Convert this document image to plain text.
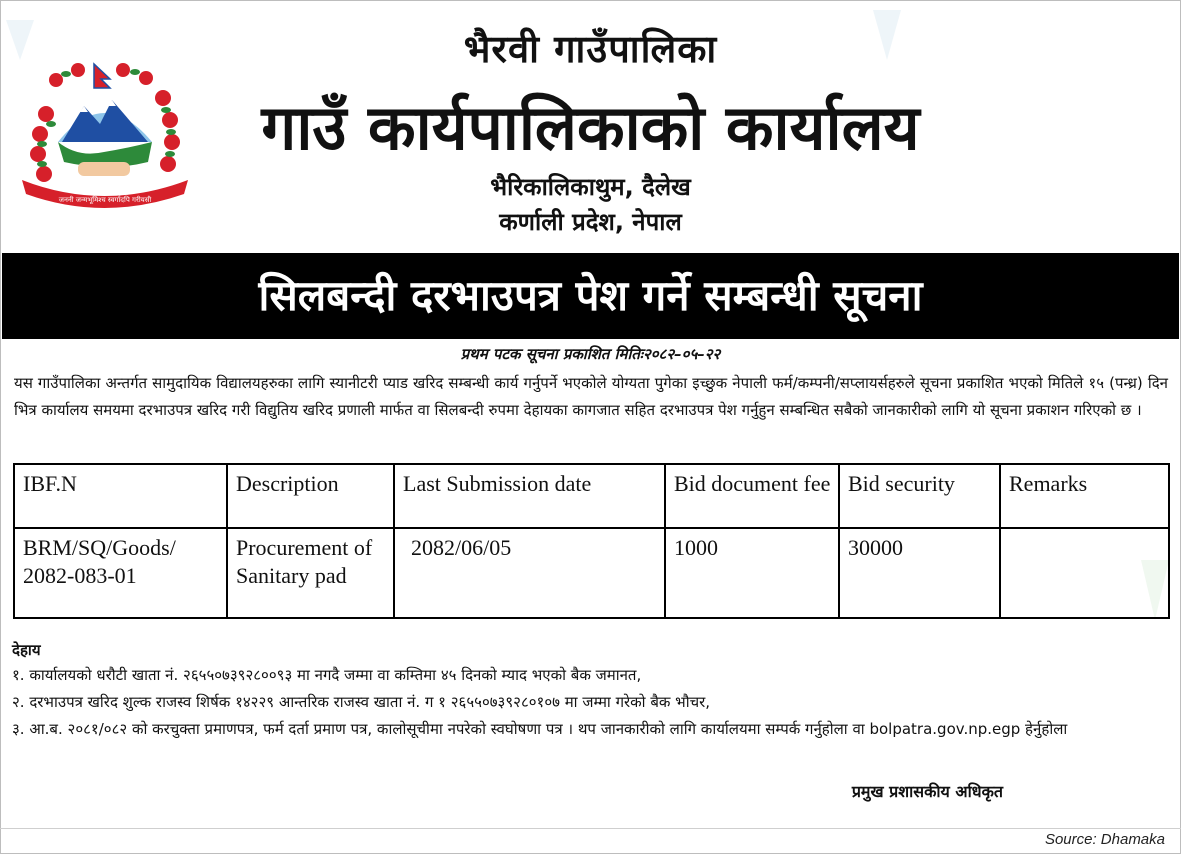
जननी जन्मभूमिश्च स्वर्गादपि गरीयसी
भैरवी गाउँपालिका
गाउँ कार्यपालिकाको कार्यालय
भैरिकालिकाथुम, दैलेख
कर्णाली प्रदेश, नेपाल
सिलबन्दी दरभाउपत्र पेश गर्ने सम्बन्धी सूचना
प्रथम पटक सूचना प्रकाशित मितिः२०८२–०५–२२
यस गाउँपालिका अन्तर्गत सामुदायिक विद्यालयहरुका लागि स्यानीटरी प्याड खरिद सम्बन्धी कार्य गर्नुपर्ने भएकोले योग्यता पुगेका इच्छुक नेपाली फर्म/कम्पनी/सप्लायर्सहरुले सूचना प्रकाशित भएको मितिले १५ (पन्ध्र) दिन भित्र कार्यालय समयमा दरभाउपत्र खरिद गरी विद्युतिय खरिद प्रणाली मार्फत वा सिलबन्दी रुपमा देहायका कागजात सहित दरभाउपत्र पेश गर्नुहुन सम्बन्धित सबैको जानकारीको लागि यो सूचना प्रकाशन गरिएको छ ।
IBF.N	Description	Last Submission date	Bid document fee	Bid security	Remarks
BRM/SQ/Goods/ 2082-083-01	Procurement of Sanitary pad	2082/06/05	1000	30000	
देहाय
१. कार्यालयको धरौटी खाता नं. २६५५०७३९२८००९३ मा नगदै जम्मा वा कम्तिमा ४५ दिनको म्याद भएको बैक जमानत,
२. दरभाउपत्र खरिद शुल्क राजस्व शिर्षक १४२२९ आन्तरिक राजस्व खाता नं. ग १ २६५५०७३९२८०१०७ मा जम्मा गरेको बैक भौचर,
३. आ.ब. २०८१/०८२ को करचुक्ता प्रमाणपत्र, फर्म दर्ता प्रमाण पत्र, कालोसूचीमा नपरेको स्वघोषणा पत्र । थप जानकारीको लागि कार्यालयमा सम्पर्क गर्नुहोला वा bolpatra.gov.np.egp हेर्नुहोला
प्रमुख प्रशासकीय अधिकृत
Source: Dhamaka
